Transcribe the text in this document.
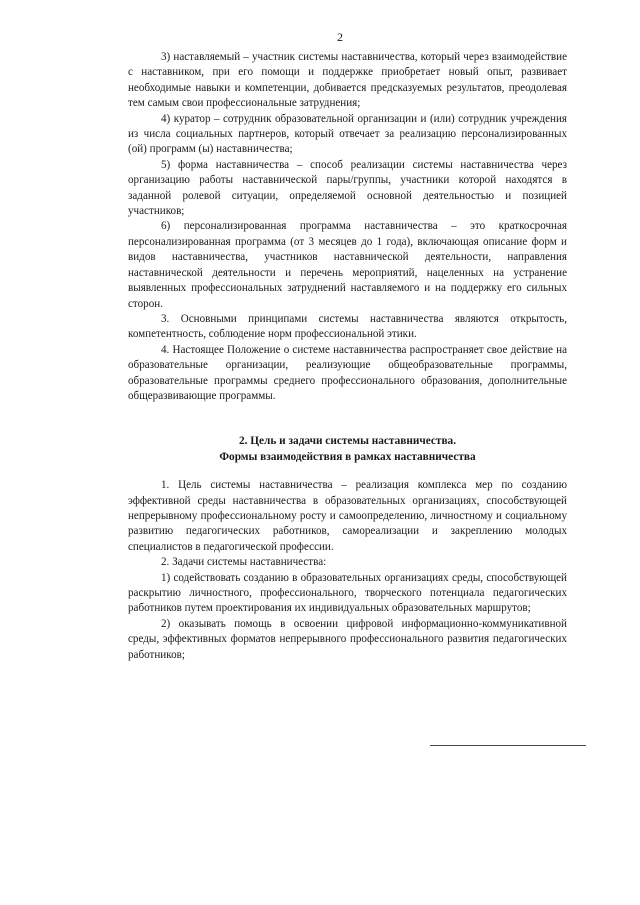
2

3) наставляемый – участник системы наставничества, который через взаимодействие с наставником, при его помощи и поддержке приобретает новый опыт, развивает необходимые навыки и компетенции, добивается предсказуемых результатов, преодолевая тем самым свои профессиональные затруднения;

4) куратор – сотрудник образовательной организации и (или) сотрудник учреждения из числа социальных партнеров, который отвечает за реализацию персонализированных (ой) программ (ы) наставничества;

5) форма наставничества – способ реализации системы наставничества через организацию работы наставнической пары/группы, участники которой находятся в заданной ролевой ситуации, определяемой основной деятельностью и позицией участников;

6) персонализированная программа наставничества – это краткосрочная персонализированная программа (от 3 месяцев до 1 года), включающая описание форм и видов наставничества, участников наставнической деятельности, направления наставнической деятельности и перечень мероприятий, нацеленных на устранение выявленных профессиональных затруднений наставляемого и на поддержку его сильных сторон.

3. Основными принципами системы наставничества являются открытость, компетентность, соблюдение норм профессиональной этики.

4. Настоящее Положение о системе наставничества распространяет свое действие на образовательные организации, реализующие общеобразовательные программы, образовательные программы среднего профессионального образования, дополнительные общеразвивающие программы.

2. Цель и задачи системы наставничества.
Формы взаимодействия в рамках наставничества

1. Цель системы наставничества – реализация комплекса мер по созданию эффективной среды наставничества в образовательных организациях, способствующей непрерывному профессиональному росту и самоопределению, личностному и социальному развитию педагогических работников, самореализации и закреплению молодых специалистов в педагогической профессии.

2. Задачи системы наставничества:

1) содействовать созданию в образовательных организациях среды, способствующей раскрытию личностного, профессионального, творческого потенциала педагогических работников путем проектирования их индивидуальных образовательных маршрутов;

2) оказывать помощь в освоении цифровой информационно-коммуникативной среды, эффективных форматов непрерывного профессионального развития педагогических работников;
